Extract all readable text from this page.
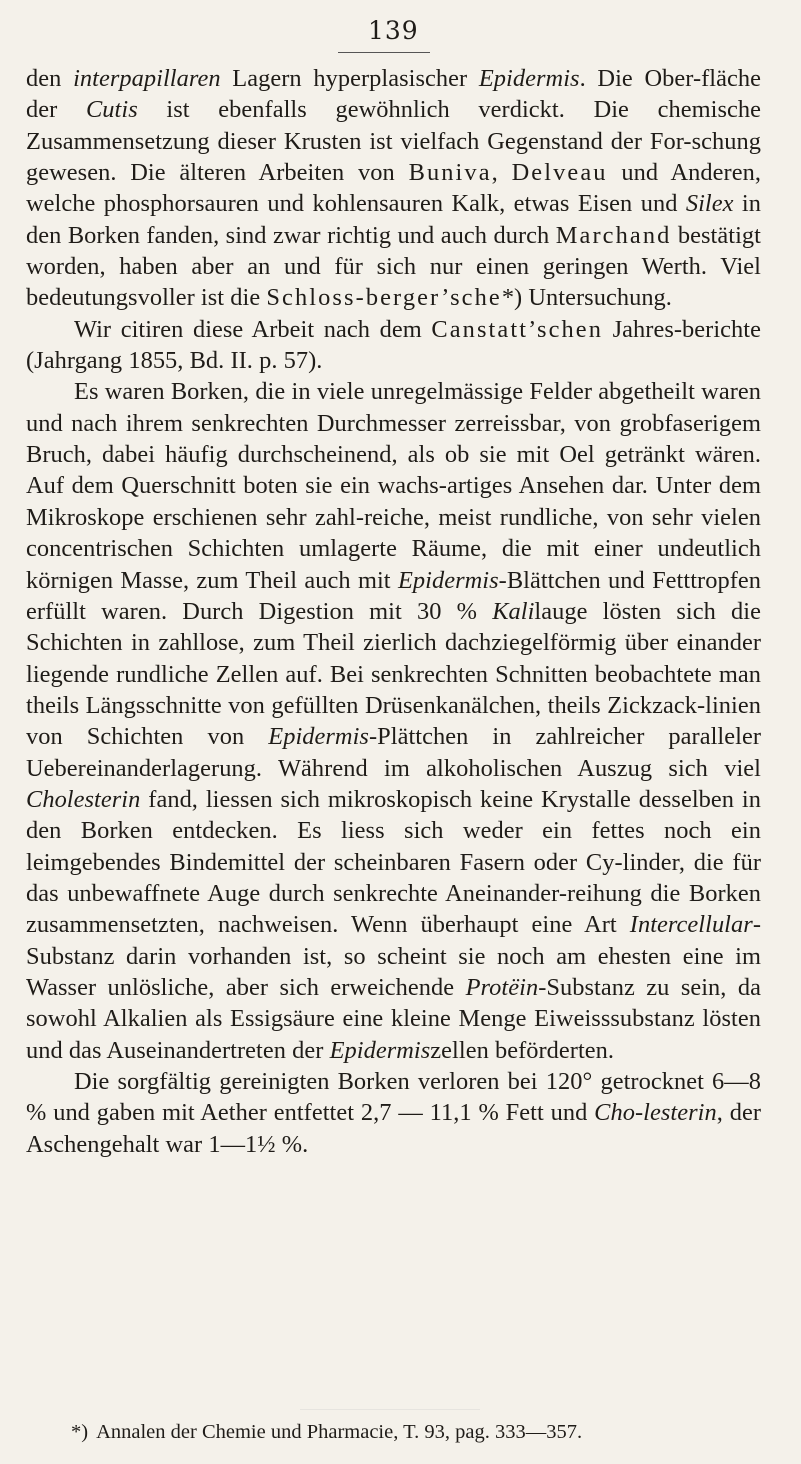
139

den interpapillaren Lagern hyperplasischer Epidermis. Die Ober-fläche der Cutis ist ebenfalls gewöhnlich verdickt. Die chemische Zusammensetzung dieser Krusten ist vielfach Gegenstand der For-schung gewesen. Die älteren Arbeiten von Buniva, Delveau und Anderen, welche phosphorsauren und kohlensauren Kalk, etwas Eisen und Silex in den Borken fanden, sind zwar richtig und auch durch Marchand bestätigt worden, haben aber an und für sich nur einen geringen Werth. Viel bedeutungsvoller ist die Schloss-berger’sche*) Untersuchung.

Wir citiren diese Arbeit nach dem Canstatt’schen Jahres-berichte (Jahrgang 1855, Bd. II. p. 57).

Es waren Borken, die in viele unregelmässige Felder abgetheilt waren und nach ihrem senkrechten Durchmesser zerreissbar, von grobfaserigem Bruch, dabei häufig durchscheinend, als ob sie mit Oel getränkt wären. Auf dem Querschnitt boten sie ein wachs-artiges Ansehen dar. Unter dem Mikroskope erschienen sehr zahl-reiche, meist rundliche, von sehr vielen concentrischen Schichten umlagerte Räume, die mit einer undeutlich körnigen Masse, zum Theil auch mit Epidermis-Blättchen und Fetttropfen erfüllt waren. Durch Digestion mit 30 % Kalilauge lösten sich die Schichten in zahllose, zum Theil zierlich dachziegelförmig über einander liegende rundliche Zellen auf. Bei senkrechten Schnitten beobachtete man theils Längsschnitte von gefüllten Drüsenkanälchen, theils Zickzack-linien von Schichten von Epidermis-Plättchen in zahlreicher paralleler Uebereinanderlagerung. Während im alkoholischen Auszug sich viel Cholesterin fand, liessen sich mikroskopisch keine Krystalle desselben in den Borken entdecken. Es liess sich weder ein fettes noch ein leimgebendes Bindemittel der scheinbaren Fasern oder Cy-linder, die für das unbewaffnete Auge durch senkrechte Aneinander-reihung die Borken zusammensetzten, nachweisen. Wenn überhaupt eine Art Intercellular-Substanz darin vorhanden ist, so scheint sie noch am ehesten eine im Wasser unlösliche, aber sich erweichende Protëin-Substanz zu sein, da sowohl Alkalien als Essigsäure eine kleine Menge Eiweisssubstanz lösten und das Auseinandertreten der Epidermiszellen beförderten.

Die sorgfältig gereinigten Borken verloren bei 120° getrocknet 6—8 % und gaben mit Aether entfettet 2,7 — 11,1 % Fett und Cho-lesterin, der Aschengehalt war 1—1½ %.

*) Annalen der Chemie und Pharmacie, T. 93, pag. 333—357.
